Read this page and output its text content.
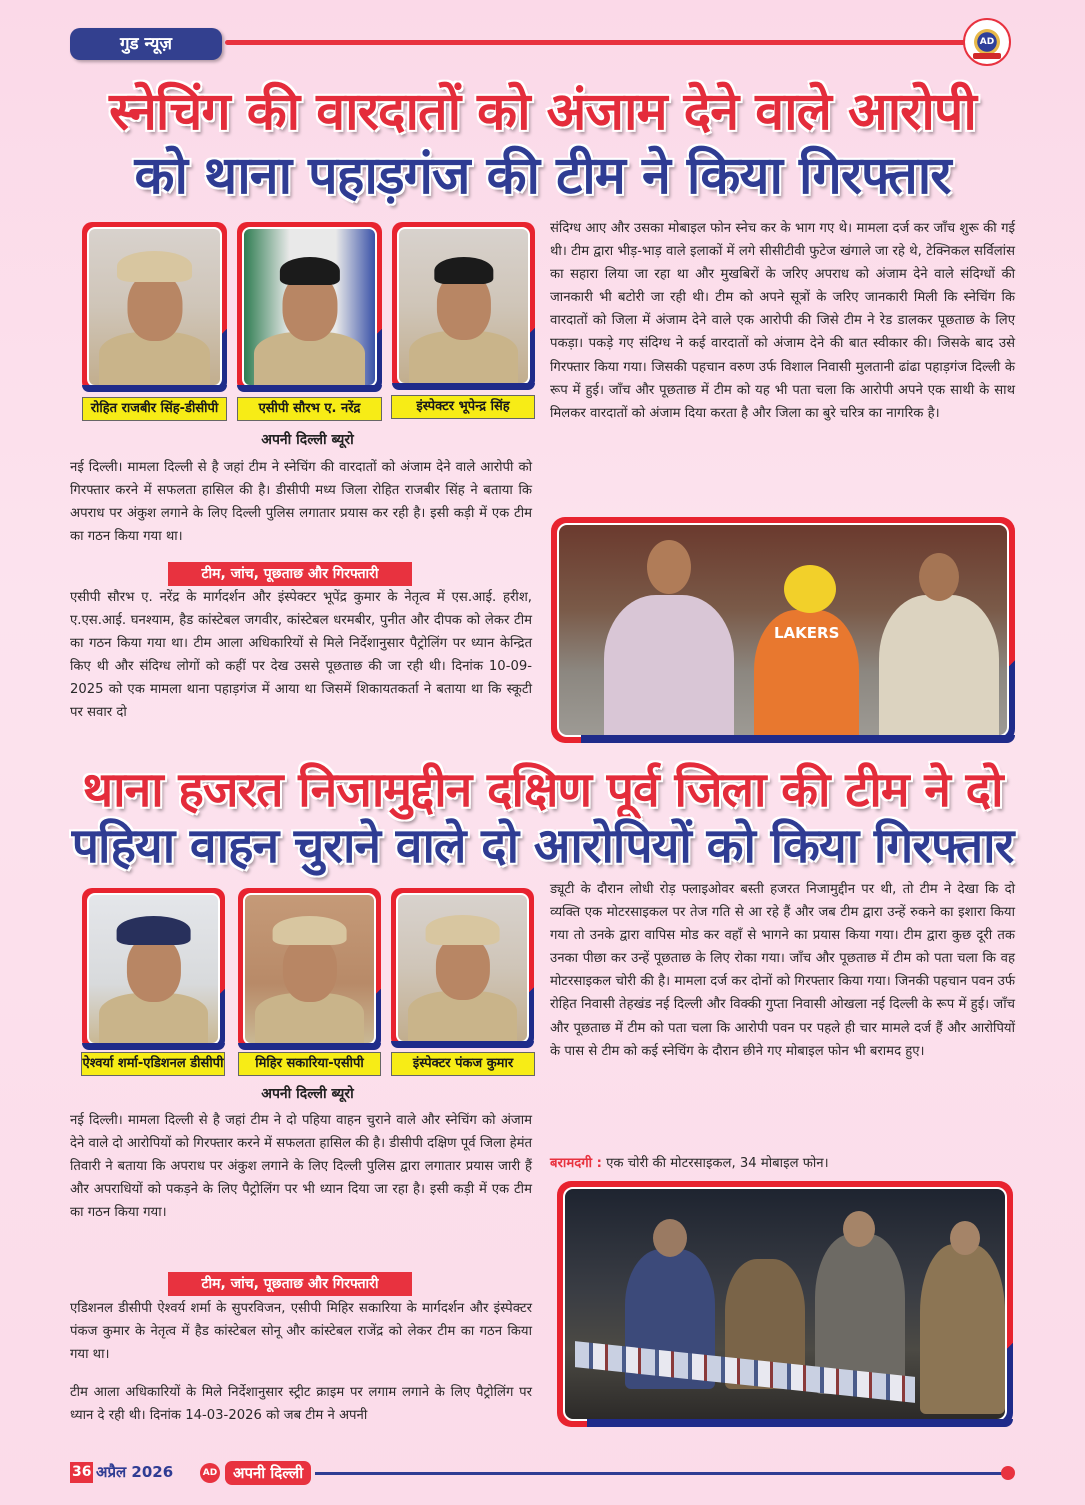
गुड न्यूज़	AD
स्नेचिंग की वारदातों को अंजाम देने वाले आरोपी
को थाना पहाड़गंज की टीम ने किया गिरफ्तार
रोहित राजबीर सिंह-डीसीपी	एसीपी सौरभ ए. नरेंद्र	इंस्पेक्टर भूपेन्द्र सिंह
अपनी दिल्ली ब्यूरो
नई दिल्ली। मामला दिल्ली से है जहां टीम ने स्नेचिंग की वारदातों को अंजाम देने वाले आरोपी को गिरफ्तार करने में सफलता हासिल की है। डीसीपी मध्य जिला रोहित राजबीर सिंह ने बताया कि अपराध पर अंकुश लगाने के लिए दिल्ली पुलिस लगातार प्रयास कर रही है। इसी कड़ी में एक टीम का गठन किया गया था।
टीम, जांच, पूछताछ और गिरफ्तारी
एसीपी सौरभ ए. नरेंद्र के मार्गदर्शन और इंस्पेक्टर भूपेंद्र कुमार के नेतृत्व में एस.आई. हरीश, ए.एस.आई. घनश्याम, हैड कांस्टेबल जगवीर, कांस्टेबल धरमबीर, पुनीत और दीपक को लेकर टीम का गठन किया गया था। टीम आला अधिकारियों से मिले निर्देशानुसार पैट्रोलिंग पर ध्यान केन्द्रित किए थी और संदिग्ध लोगों को कहीं पर देख उससे पूछताछ की जा रही थी। दिनांक 10-09-2025 को एक मामला थाना पहाड़गंज में आया था जिसमें शिकायतकर्ता ने बताया था कि स्कूटी पर सवार दो
संदिग्ध आए और उसका मोबाइल फोन स्नेच कर के भाग गए थे। मामला दर्ज कर जाँच शुरू की गई थी। टीम द्वारा भीड़-भाड़ वाले इलाकों में लगे सीसीटीवी फुटेज खंगाले जा रहे थे, टेक्निकल सर्विलांस का सहारा लिया जा रहा था और मुखबिरों के जरिए अपराध को अंजाम देने वाले संदिग्धों की जानकारी भी बटोरी जा रही थी। टीम को अपने सूत्रों के जरिए जानकारी मिली कि स्नेचिंग कि वारदातों को जिला में अंजाम देने वाले एक आरोपी की जिसे टीम ने रेड डालकर पूछताछ के लिए पकड़ा। पकड़े गए संदिग्ध ने कई वारदातों को अंजाम देने की बात स्वीकार की। जिसके बाद उसे गिरफ्तार किया गया। जिसकी पहचान वरुण उर्फ विशाल निवासी मुलतानी ढांढा पहाड़गंज दिल्ली के रूप में हुई। जाँच और पूछताछ में टीम को यह भी पता चला कि आरोपी अपने एक साथी के साथ मिलकर वारदातों को अंजाम दिया करता है और जिला का बुरे चरित्र का नागरिक है।
LAKERS
थाना हजरत निजामुद्दीन दक्षिण पूर्व जिला की टीम ने दो
पहिया वाहन चुराने वाले दो आरोपियों को किया गिरफ्तार
ऐश्वर्या शर्मा-एडिशनल डीसीपी	मिहिर सकारिया-एसीपी	इंस्पेक्टर पंकज कुमार
अपनी दिल्ली ब्यूरो
नई दिल्ली। मामला दिल्ली से है जहां टीम ने दो पहिया वाहन चुराने वाले और स्नेचिंग को अंजाम देने वाले दो आरोपियों को गिरफ्तार करने में सफलता हासिल की है। डीसीपी दक्षिण पूर्व जिला हेमंत तिवारी ने बताया कि अपराध पर अंकुश लगाने के लिए दिल्ली पुलिस द्वारा लगातार प्रयास जारी हैं और अपराधियों को पकड़ने के लिए पैट्रोलिंग पर भी ध्यान दिया जा रहा है। इसी कड़ी में एक टीम का गठन किया गया।
टीम, जांच, पूछताछ और गिरफ्तारी
एडिशनल डीसीपी ऐश्वर्य शर्मा के सुपरविजन, एसीपी मिहिर सकारिया के मार्गदर्शन और इंस्पेक्टर पंकज कुमार के नेतृत्व में हैड कांस्टेबल सोनू और कांस्टेबल राजेंद्र को लेकर टीम का गठन किया गया था।
टीम आला अधिकारियों के मिले निर्देशानुसार स्ट्रीट क्राइम पर लगाम लगाने के लिए पैट्रोलिंग पर ध्यान दे रही थी। दिनांक 14-03-2026 को जब टीम ने अपनी
ड्यूटी के दौरान लोधी रोड़ फ्लाइओवर बस्ती हजरत निजामुद्दीन पर थी, तो टीम ने देखा कि दो व्यक्ति एक मोटरसाइकल पर तेज गति से आ रहे हैं और जब टीम द्वारा उन्हें रुकने का इशारा किया गया तो उनके द्वारा वापिस मोड कर वहाँ से भागने का प्रयास किया गया। टीम द्वारा कुछ दूरी तक उनका पीछा कर उन्हें पूछताछ के लिए रोका गया। जाँच और पूछताछ में टीम को पता चला कि वह मोटरसाइकल चोरी की है। मामला दर्ज कर दोनों को गिरफ्तार किया गया। जिनकी पहचान पवन उर्फ रोहित निवासी तेहखंड नई दिल्ली और विक्की गुप्ता निवासी ओखला नई दिल्ली के रूप में हुई। जाँच और पूछताछ में टीम को पता चला कि आरोपी पवन पर पहले ही चार मामले दर्ज हैं और आरोपियों के पास से टीम को कई स्नेचिंग के दौरान छीने गए मोबाइल फोन भी बरामद हुए।
बरामदगी : एक चोरी की मोटरसाइकल, 34 मोबाइल फोन।
36 अप्रैल 2026	AD	अपनी दिल्ली
